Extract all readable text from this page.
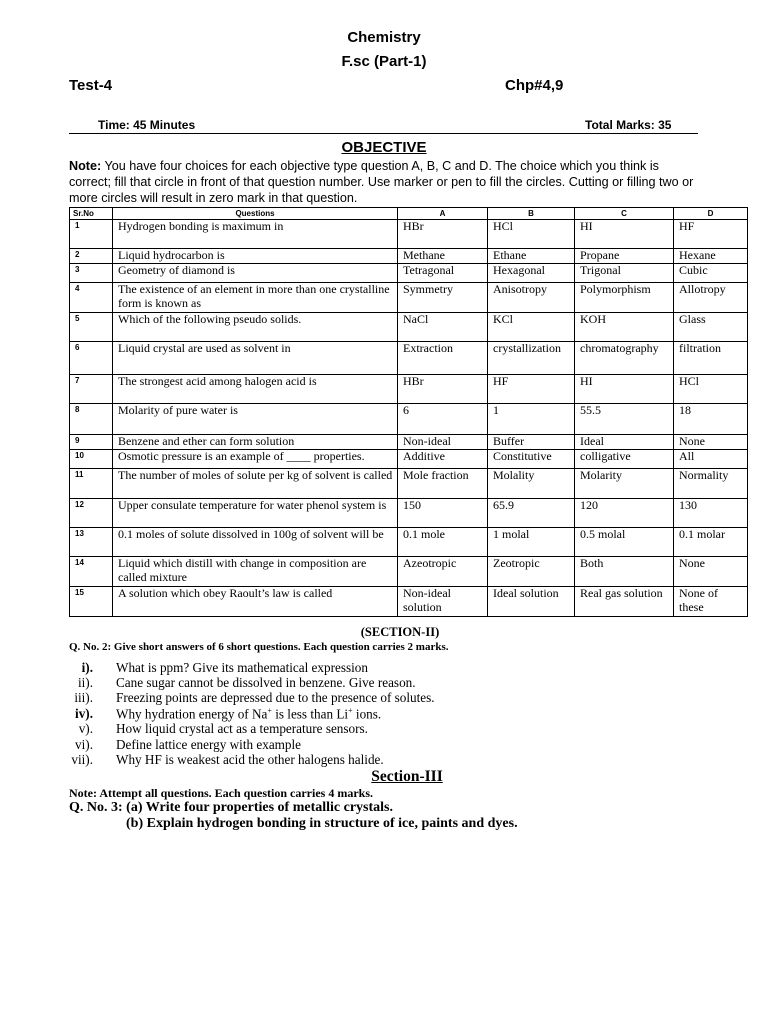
Chemistry
F.sc (Part-1)
Test-4	Chp#4,9
Time: 45 Minutes	Total Marks: 35
OBJECTIVE
Note: You have four choices for each objective type question A, B, C and D. The choice which you think is correct; fill that circle in front of that question number. Use marker or pen to fill the circles. Cutting or filling two or more circles will result in zero mark in that question.
Sr.No	Questions	A	B	C	D
1	Hydrogen bonding is maximum in	HBr	HCl	HI	HF
2	Liquid hydrocarbon is	Methane	Ethane	Propane	Hexane
3	Geometry of diamond is	Tetragonal	Hexagonal	Trigonal	Cubic
4	The existence of an element in more than one crystalline form is known as	Symmetry	Anisotropy	Polymorphism	Allotropy
5	Which of the following pseudo solids.	NaCl	KCl	KOH	Glass
6	Liquid crystal are used as solvent in	Extraction	crystallization	chromatography	filtration
7	The strongest acid among halogen acid is	HBr	HF	HI	HCl
8	Molarity of pure water is	6	1	55.5	18
9	Benzene and ether can form solution	Non-ideal	Buffer	Ideal	None
10	Osmotic pressure is an example of ____ properties.	Additive	Constitutive	colligative	All
11	The number of moles of solute per kg of solvent is called	Mole fraction	Molality	Molarity	Normality
12	Upper consulate temperature for water phenol system is	150	65.9	120	130
13	0.1 moles of solute dissolved in 100g of solvent will be	0.1 mole	1 molal	0.5 molal	0.1 molar
14	Liquid which distill with change in composition are called mixture	Azeotropic	Zeotropic	Both	None
15	A solution which obey Raoult’s law is called	Non-ideal solution	Ideal solution	Real gas solution	None of these
(SECTION-II)
Q. No. 2: Give short answers of 6 short questions. Each question carries 2 marks.
i). What is ppm? Give its mathematical expression
ii). Cane sugar cannot be dissolved in benzene. Give reason.
iii). Freezing points are depressed due to the presence of solutes.
iv). Why hydration energy of Na+ is less than Li+ ions.
v). How liquid crystal act as a temperature sensors.
vi). Define lattice energy with example
vii). Why HF is weakest acid the other halogens halide.
Section-III
Note: Attempt all questions. Each question carries 4 marks.
Q. No. 3: (a) Write four properties of metallic crystals.
(b) Explain hydrogen bonding in structure of ice, paints and dyes.
